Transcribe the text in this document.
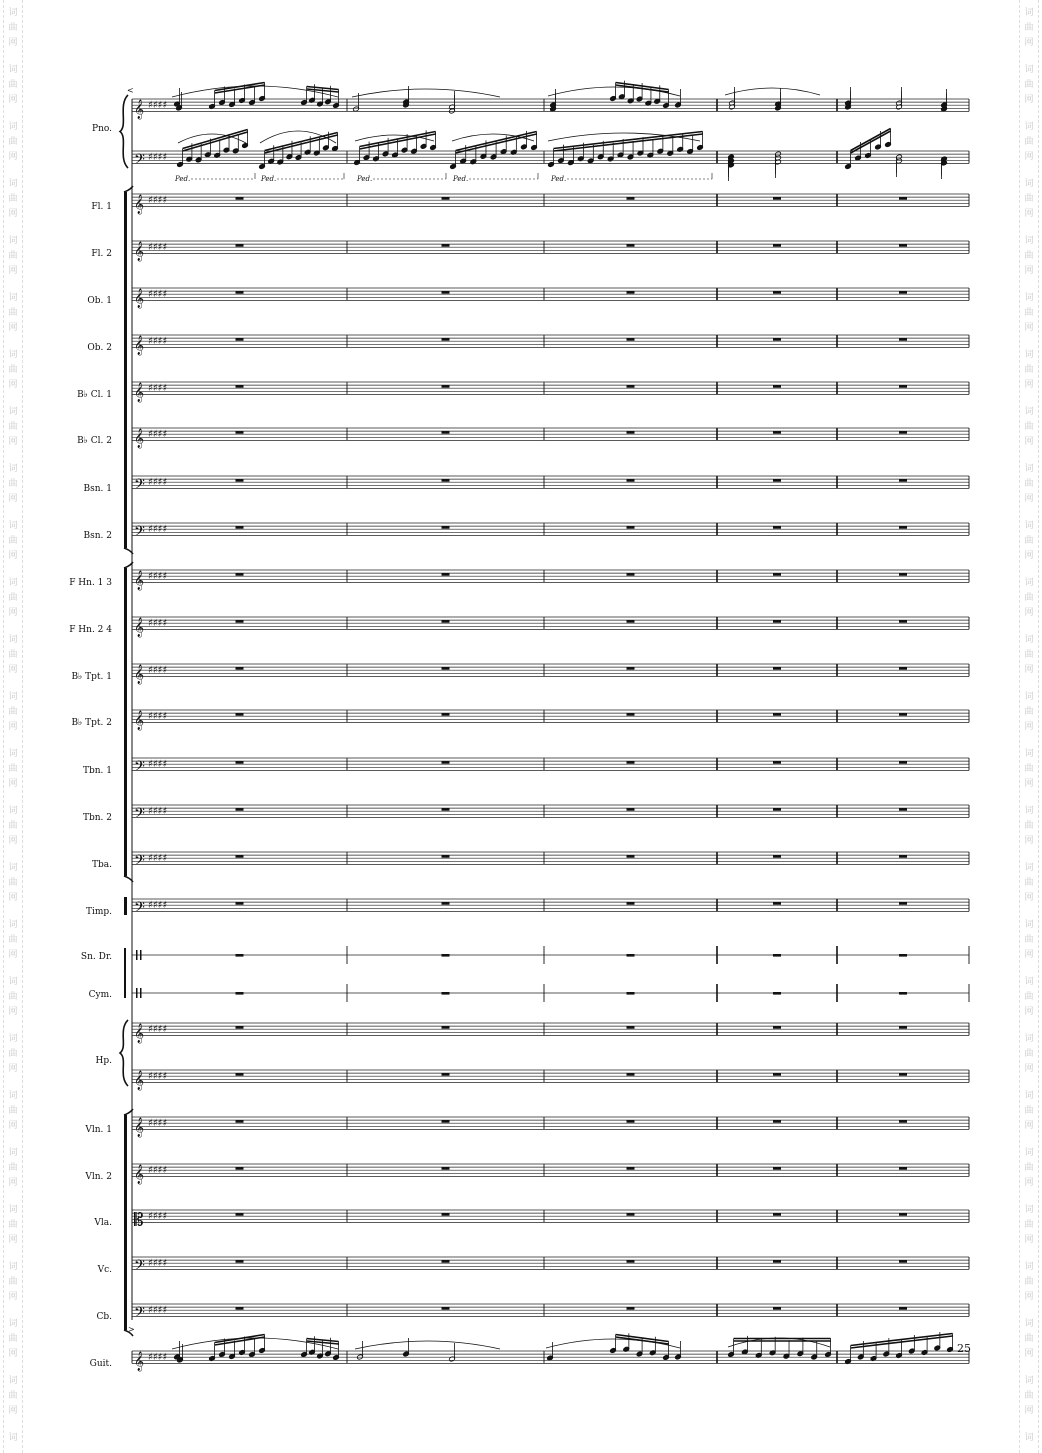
词
曲
网
词
曲
网
词
曲
网
词
曲
网
词
曲
网
词
曲
网
词
曲
网
词
曲
网
词
曲
网
词
曲
网
词
曲
网
词
曲
网
词
曲
网
词
曲
网
词
曲
网
词
曲
网
词
曲
网
词
曲
网
词
曲
网
词
曲
网
词
曲
网
词
曲
网
词
曲
网
词
曲
网
词
曲
网
词
词
曲
网
词
曲
网
词
曲
网
词
曲
网
词
曲
网
词
曲
网
词
曲
网
词
曲
网
词
曲
网
词
曲
网
词
曲
网
词
曲
网
词
曲
网
词
曲
网
词
曲
网
词
曲
网
词
曲
网
词
曲
网
词
曲
网
词
曲
网
词
曲
网
词
曲
网
词
曲
网
词
曲
网
词
曲
网
词
𝄞 ♯♯♯♯
𝄢 ♯♯♯♯
𝄞 ♯♯♯♯
𝄞 ♯♯♯♯
𝄞 ♯♯♯♯
𝄞 ♯♯♯♯
𝄞 ♯♯♯♯
𝄞 ♯♯♯♯
𝄢 ♯♯♯♯
𝄢 ♯♯♯♯
𝄞 ♯♯♯♯
𝄞 ♯♯♯♯
𝄞 ♯♯♯♯
𝄞 ♯♯♯♯
𝄢 ♯♯♯♯
𝄢 ♯♯♯♯
𝄢 ♯♯♯♯
𝄢 ♯♯♯♯
𝄞 ♯♯♯♯
𝄞 ♯♯♯♯
𝄞 ♯♯♯♯
𝄞 ♯♯♯♯
𝄡 ♯♯♯♯
𝄢 ♯♯♯♯
𝄢 ♯♯♯♯
𝄞 ♯♯♯♯
Ped.	Ped.	Ped.	Ped.	Ped.
Pno.
Fl. 1
Fl. 2
Ob. 1
Ob. 2
B♭ Cl. 1
B♭ Cl. 2
Bsn. 1
Bsn. 2
F Hn. 1 3
F Hn. 2 4
B♭ Tpt. 1
B♭ Tpt. 2
Tbn. 1
Tbn. 2
Tba.
Timp.
Sn. Dr.
Cym.
Hp.
Vln. 1
Vln. 2
Vla.
Vc.
Cb.
Guit.
25
<
>
